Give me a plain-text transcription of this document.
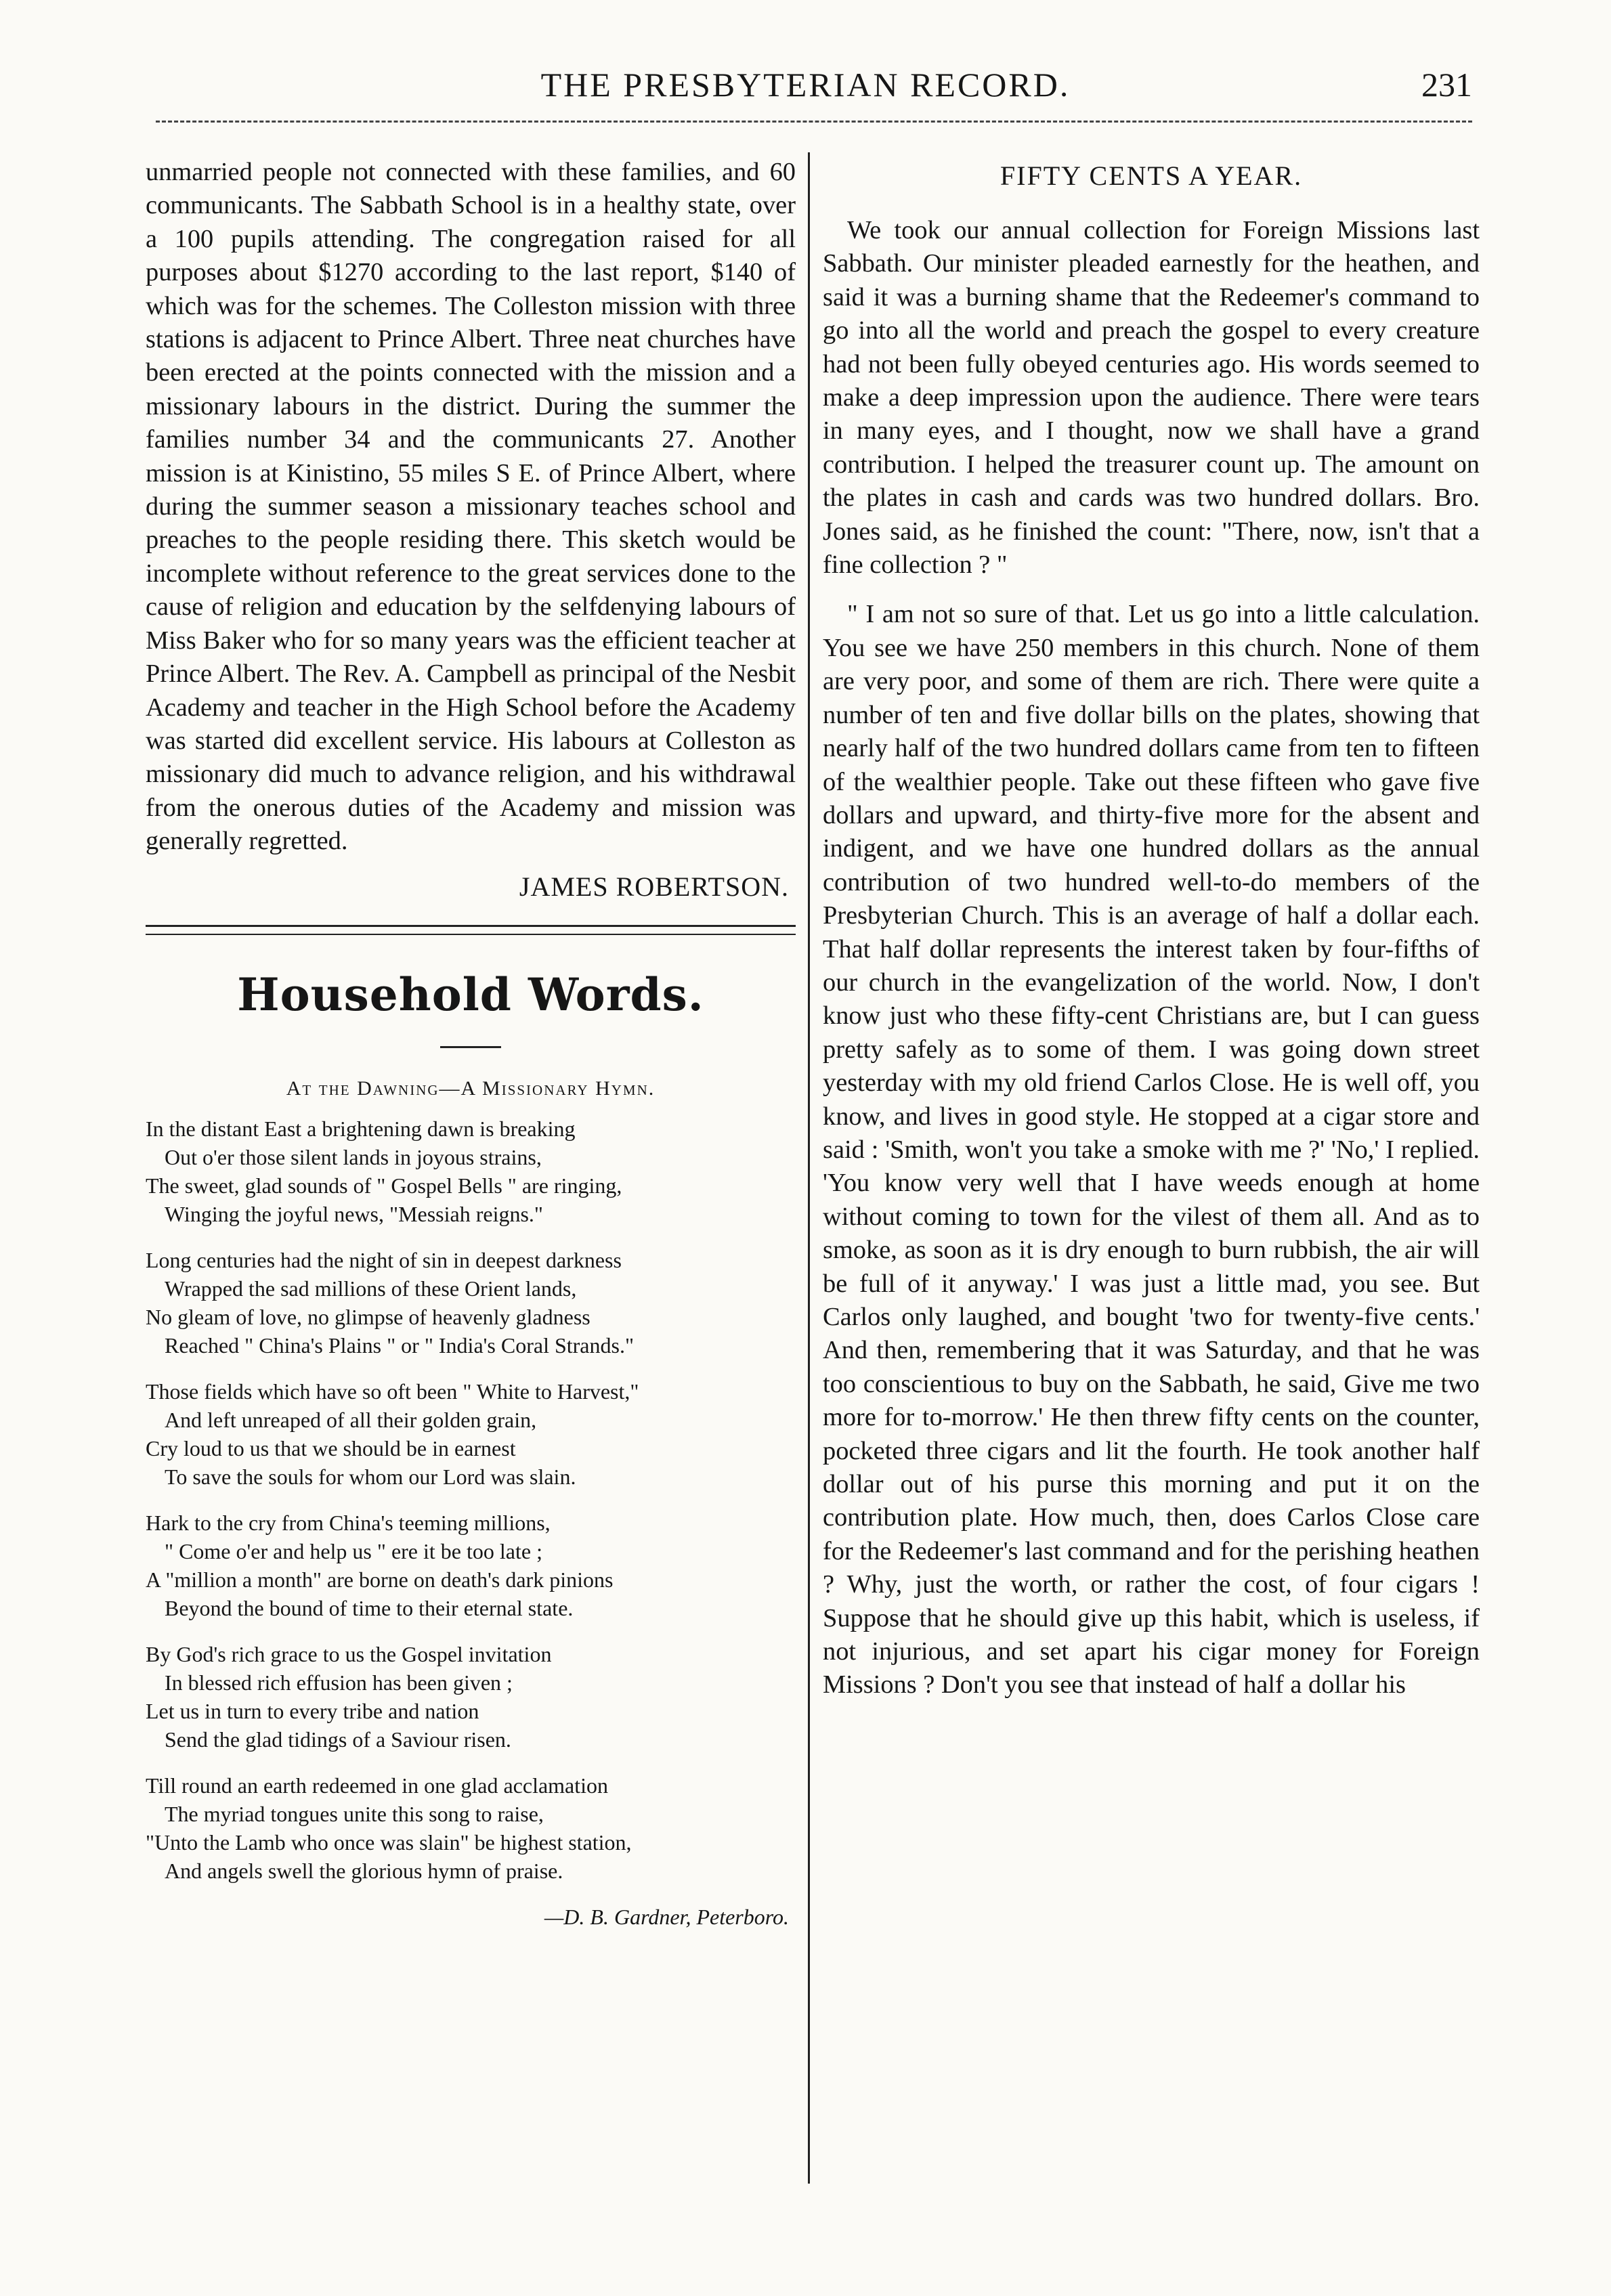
THE PRESBYTERIAN RECORD.	231

unmarried people not connected with these families, and 60 communicants. The Sabbath School is in a healthy state, over a 100 pupils attending. The congregation raised for all purposes about $1270 according to the last report, $140 of which was for the schemes. The Colleston mission with three stations is adjacent to Prince Albert. Three neat churches have been erected at the points connected with the mission and a missionary labours in the district. During the summer the families number 34 and the communicants 27. Another mission is at Kinistino, 55 miles S E. of Prince Albert, where during the summer season a missionary teaches school and preaches to the people residing there. This sketch would be incomplete without reference to the great services done to the cause of religion and education by the selfdenying labours of Miss Baker who for so many years was the efficient teacher at Prince Albert. The Rev. A. Campbell as principal of the Nesbit Academy and teacher in the High School before the Academy was started did excellent service. His labours at Colleston as missionary did much to advance religion, and his withdrawal from the onerous duties of the Academy and mission was generally regretted.

JAMES ROBERTSON.
Household Words.
At the Dawning—A Missionary Hymn.
In the distant East a brightening dawn is breaking
Out o'er those silent lands in joyous strains,
The sweet, glad sounds of " Gospel Bells " are ringing,
Winging the joyful news, "Messiah reigns."
Long centuries had the night of sin in deepest darkness
Wrapped the sad millions of these Orient lands,
No gleam of love, no glimpse of heavenly gladness
Reached " China's Plains " or " India's Coral Strands."
Those fields which have so oft been " White to Harvest,"
And left unreaped of all their golden grain,
Cry loud to us that we should be in earnest
To save the souls for whom our Lord was slain.
Hark to the cry from China's teeming millions,
" Come o'er and help us " ere it be too late ;
A "million a month" are borne on death's dark pinions
Beyond the bound of time to their eternal state.
By God's rich grace to us the Gospel invitation
In blessed rich effusion has been given ;
Let us in turn to every tribe and nation
Send the glad tidings of a Saviour risen.
Till round an earth redeemed in one glad acclamation
The myriad tongues unite this song to raise,
"Unto the Lamb who once was slain" be highest station,
And angels swell the glorious hymn of praise.
—D. B. Gardner, Peterboro.
FIFTY CENTS A YEAR.

We took our annual collection for Foreign Missions last Sabbath. Our minister pleaded earnestly for the heathen, and said it was a burning shame that the Redeemer's command to go into all the world and preach the gospel to every creature had not been fully obeyed centuries ago. His words seemed to make a deep impression upon the audience. There were tears in many eyes, and I thought, now we shall have a grand contribution. I helped the treasurer count up. The amount on the plates in cash and cards was two hundred dollars. Bro. Jones said, as he finished the count: "There, now, isn't that a fine collection ? "

" I am not so sure of that. Let us go into a little calculation. You see we have 250 members in this church. None of them are very poor, and some of them are rich. There were quite a number of ten and five dollar bills on the plates, showing that nearly half of the two hundred dollars came from ten to fifteen of the wealthier people. Take out these fifteen who gave five dollars and upward, and thirty-five more for the absent and indigent, and we have one hundred dollars as the annual contribution of two hundred well-to-do members of the Presbyterian Church. This is an average of half a dollar each. That half dollar represents the interest taken by four-fifths of our church in the evangelization of the world. Now, I don't know just who these fifty-cent Christians are, but I can guess pretty safely as to some of them. I was going down street yesterday with my old friend Carlos Close. He is well off, you know, and lives in good style. He stopped at a cigar store and said : 'Smith, won't you take a smoke with me ?' 'No,' I replied. 'You know very well that I have weeds enough at home without coming to town for the vilest of them all. And as to smoke, as soon as it is dry enough to burn rubbish, the air will be full of it anyway.' I was just a little mad, you see. But Carlos only laughed, and bought 'two for twenty-five cents.' And then, remembering that it was Saturday, and that he was too conscientious to buy on the Sabbath, he said, Give me two more for to-morrow.' He then threw fifty cents on the counter, pocketed three cigars and lit the fourth. He took another half dollar out of his purse this morning and put it on the contribution plate. How much, then, does Carlos Close care for the Redeemer's last command and for the perishing heathen ? Why, just the worth, or rather the cost, of four cigars ! Suppose that he should give up this habit, which is useless, if not injurious, and set apart his cigar money for Foreign Missions ? Don't you see that instead of half a dollar his
